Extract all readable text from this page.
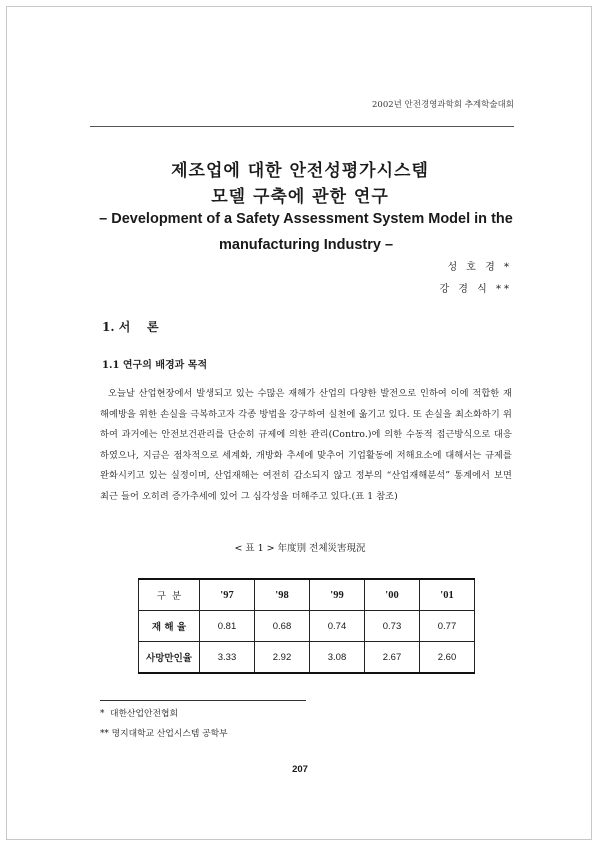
2002년 안전경영과학회 추계학술대회
제조업에 대한 안전성평가시스템
모델 구축에 관한 연구
– Development of a Safety Assessment System Model in the manufacturing Industry –
성 호 경 *
강 경 식 **
1. 서    론
1.1 연구의 배경과 목적
오늘날 산업현장에서 발생되고 있는 수많은 재해가 산업의 다양한 발전으로 인하여 이에 적합한 재해예방을 위한 손실을 극복하고자 각종 방법을 강구하여 실천에 옮기고 있다. 또 손실을 최소화하기 위하여 과거에는 안전보건관리를 단순히 규제에 의한 관리(Contro.)에 의한 수동적 접근방식으로 대응하였으나, 지금은 점차적으로 세계화, 개방화 추세에 맞추어 기업활동에 저해요소에 대해서는 규제를 완화시키고 있는 실정이며, 산업재해는 여전히 감소되지 않고 정부의 “산업재해분석” 통계에서 보면 최근 들어 오히려 증가추세에 있어 그 심각성을 더해주고 있다.(표 1 참조)
< 표 1 > 年度別 전체災害現況
구  분	'97	'98	'99	'00	'01
재 해 율	0.81	0.68	0.74	0.73	0.77
사망만인율	3.33	2.92	3.08	2.67	2.60
* 대한산업안전협회
** 명지대학교 산업시스템 공학부
207
